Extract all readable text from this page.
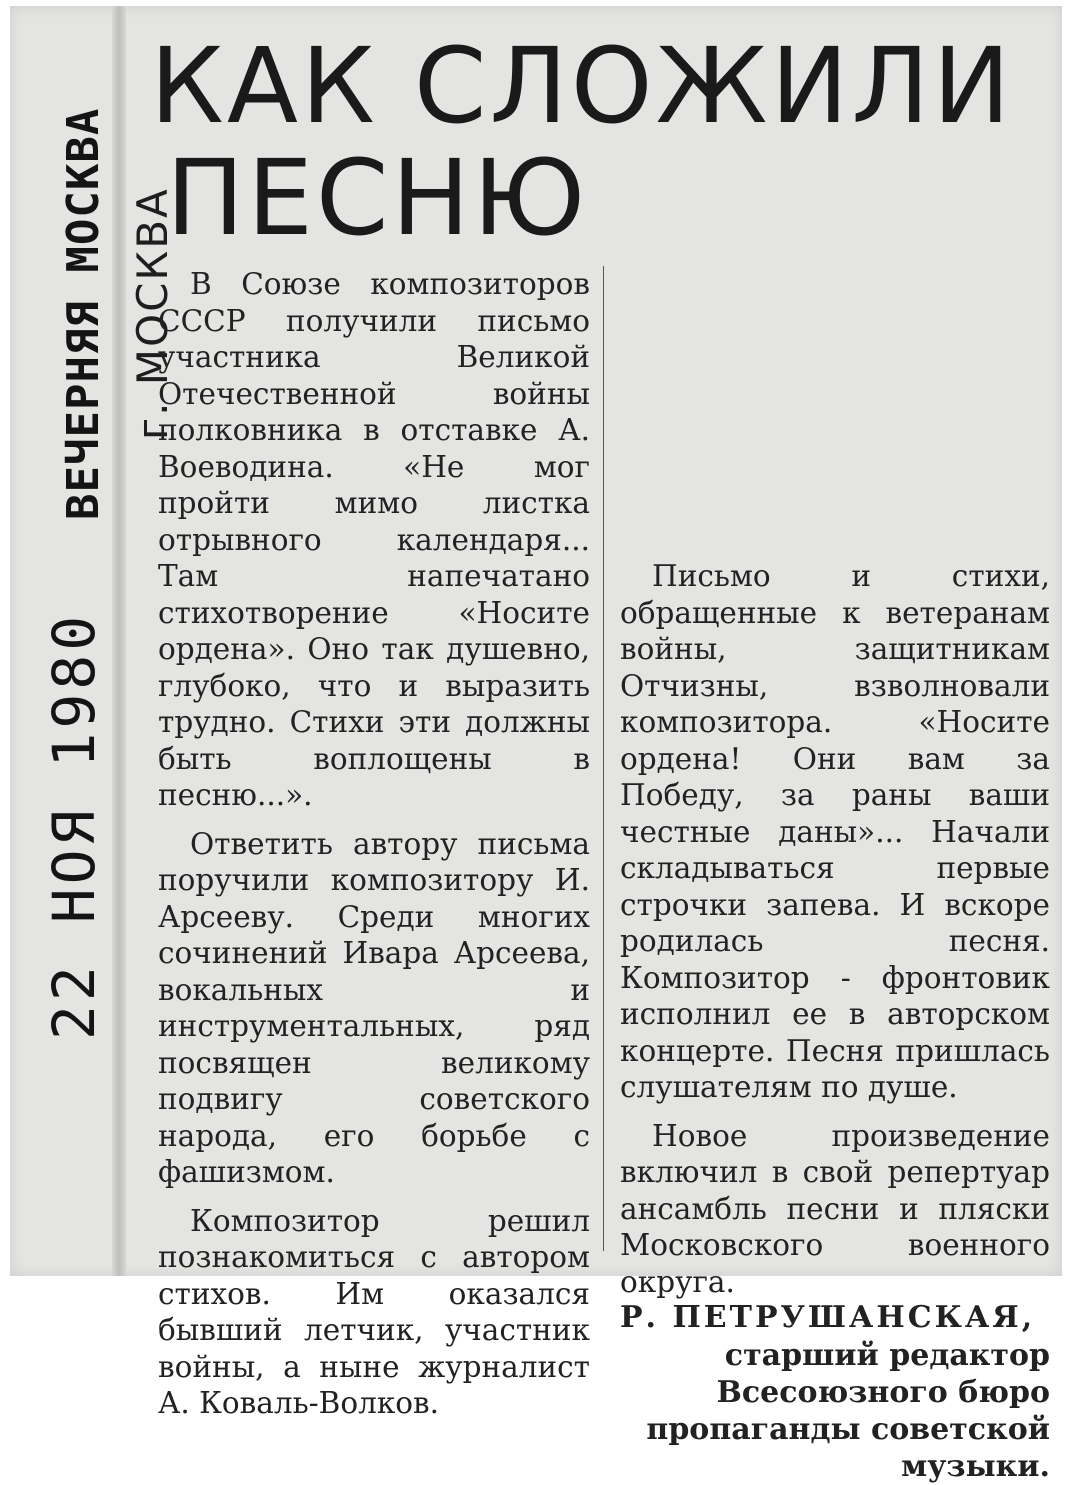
ВЕЧЕРНЯЯ МОСКВА
22 НОЯ 1980
г. МОСКВА
КАК СЛОЖИЛИ
ПЕСНЮ

В Союзе композиторов СССР получили письмо участника Великой Отечественной войны полковника в отставке А. Воеводина. «Не мог пройти мимо листка отрывного календаря... Там напечатано стихотворение «Носите ордена». Оно так душевно, глубоко, что и выразить трудно. Стихи эти должны быть воплощены в песню...».

Ответить автору письма поручили композитору И. Арсееву. Среди многих сочинений Ивара Арсеева, вокальных и инструментальных, ряд посвящен великому подвигу советского народа, его борьбе с фашизмом.

Композитор решил познакомиться с автором стихов. Им оказался бывший летчик, участник войны, а ныне журналист А. Коваль-Волков.

Письмо и стихи, обращенные к ветеранам войны, защитникам Отчизны, взволновали композитора. «Носите ордена! Они вам за Победу, за раны ваши честные даны»... Начали складываться первые строчки запева. И вскоре родилась песня. Композитор - фронтовик исполнил ее в авторском концерте. Песня пришлась слушателям по душе.

Новое произведение включил в свой репертуар ансамбль песни и пляски Московского военного округа.

Р. ПЕТРУШАНСКАЯ,

старший редактор Всесоюзного бюро пропаганды советской музыки.
